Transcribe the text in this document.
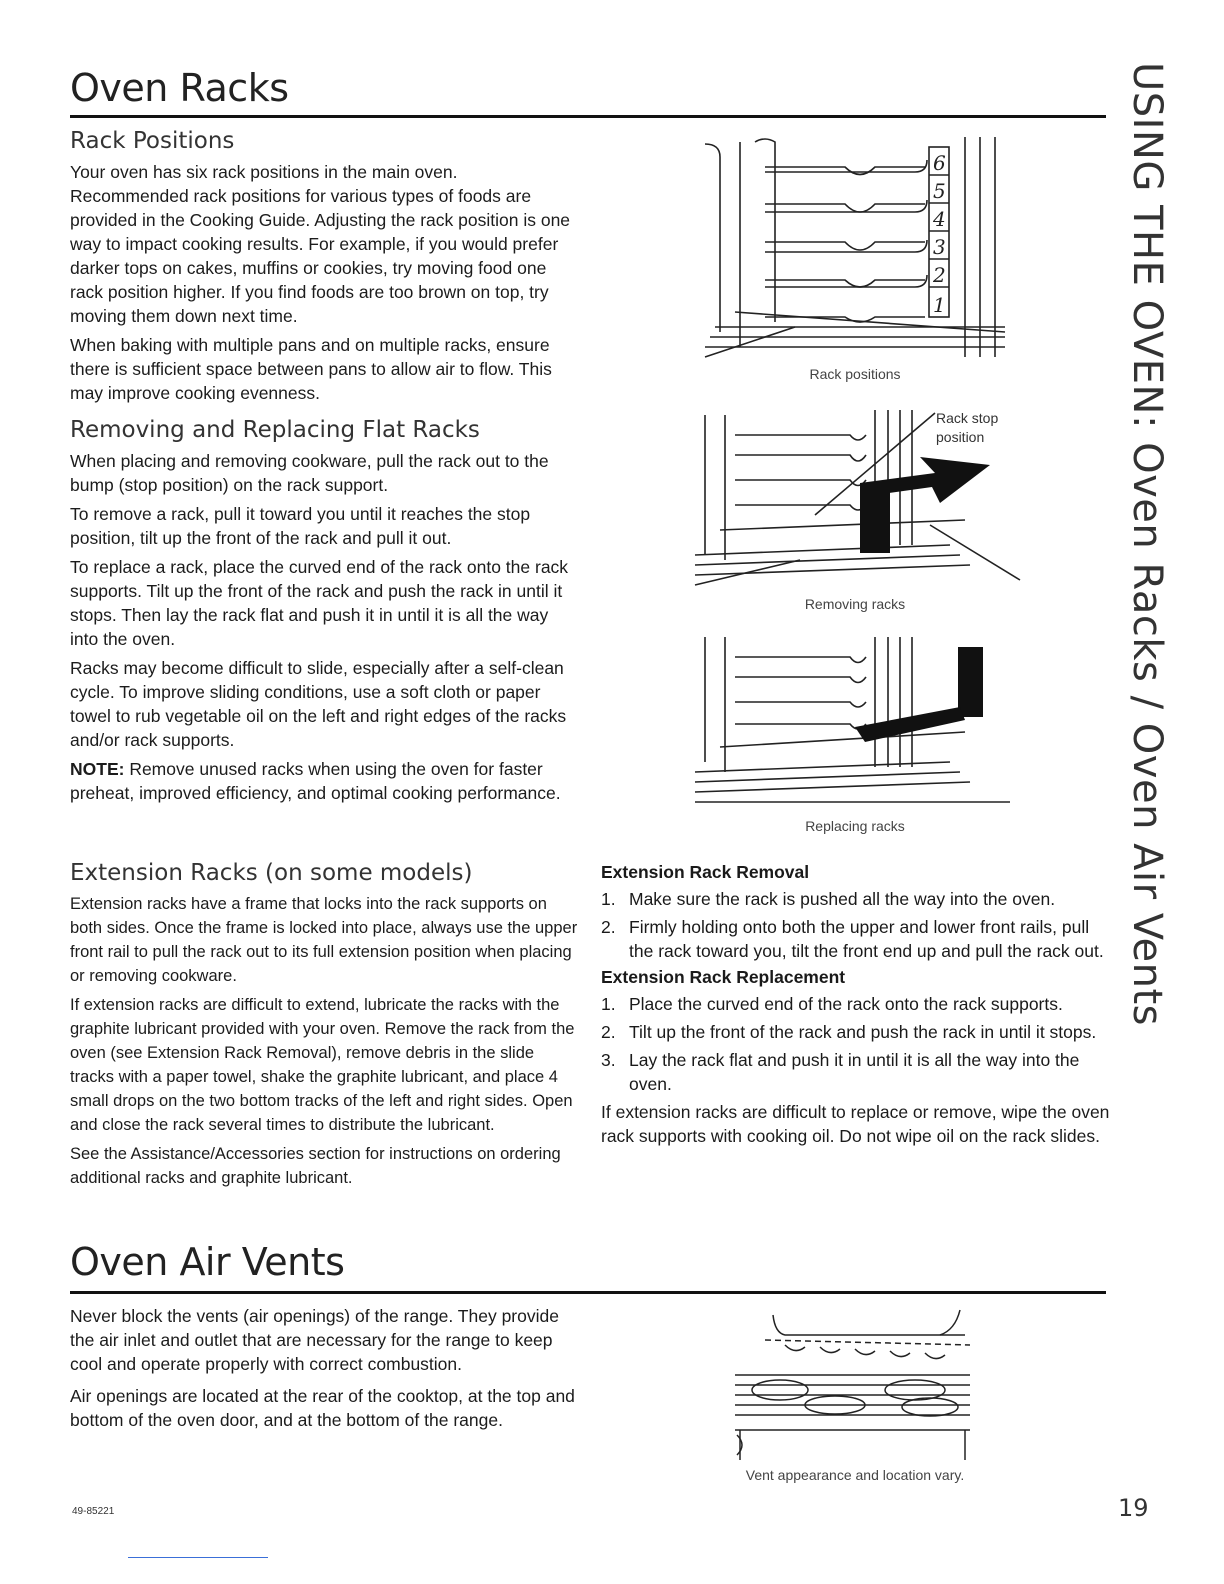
USING THE OVEN: Oven Racks / Oven Air Vents
Oven Racks
Rack Positions

Your oven has six rack positions in the main oven. Recommended rack positions for various types of foods are provided in the Cooking Guide. Adjusting the rack position is one way to impact cooking results. For example, if you would prefer darker tops on cakes, muffins or cookies, try moving food one rack position higher. If you find foods are too brown on top, try moving them down next time.

When baking with multiple pans and on multiple racks, ensure there is sufficient space between pans to allow air to flow. This may improve cooking evenness.

Removing and Replacing Flat Racks

When placing and removing cookware, pull the rack out to the bump (stop position) on the rack support.

To remove a rack, pull it toward you until it reaches the stop position, tilt up the front of the rack and pull it out.

To replace a rack, place the curved end of the rack onto the rack supports. Tilt up the front of the rack and push the rack in until it stops. Then lay the rack flat and push it in until it is all the way into the oven.

Racks may become difficult to slide, especially after a self-clean cycle. To improve sliding conditions, use a soft cloth or paper towel to rub vegetable oil on the left and right edges of the racks and/or rack supports.

NOTE: Remove unused racks when using the oven for faster preheat, improved efficiency, and optimal cooking performance.

Extension Racks (on some models)

Extension racks have a frame that locks into the rack supports on both sides. Once the frame is locked into place, always use the upper front rail to pull the rack out to its full extension position when placing or removing cookware.

If extension racks are difficult to extend, lubricate the racks with the graphite lubricant provided with your oven. Remove the rack from the oven (see Extension Rack Removal), remove debris in the slide tracks with a paper towel, shake the graphite lubricant, and place 4 small drops on the two bottom tracks of the left and right sides. Open and close the rack several times to distribute the lubricant.

See the Assistance/Accessories section for instructions on ordering additional racks and graphite lubricant.

6
5
4
3
2
1
Rack positions
Rack stop
position
Removing racks
Replacing racks
Extension Rack Removal
1. Make sure the rack is pushed all the way into the oven.
2. Firmly holding onto both the upper and lower front rails, pull the rack toward you, tilt the front end up and pull the rack out.
Extension Rack Replacement
1. Place the curved end of the rack onto the rack supports.
2. Tilt up the front of the rack and push the rack in until it stops.
3. Lay the rack flat and push it in until it is all the way into the oven.

If extension racks are difficult to replace or remove, wipe the oven rack supports with cooking oil. Do not wipe oil on the rack slides.

Oven Air Vents

Never block the vents (air openings) of the range. They provide the air inlet and outlet that are necessary for the range to keep cool and operate properly with correct combustion.

Air openings are located at the rear of the cooktop, at the top and bottom of the oven door, and at the bottom of the range.

Vent appearance and location vary.
49-85221	19
